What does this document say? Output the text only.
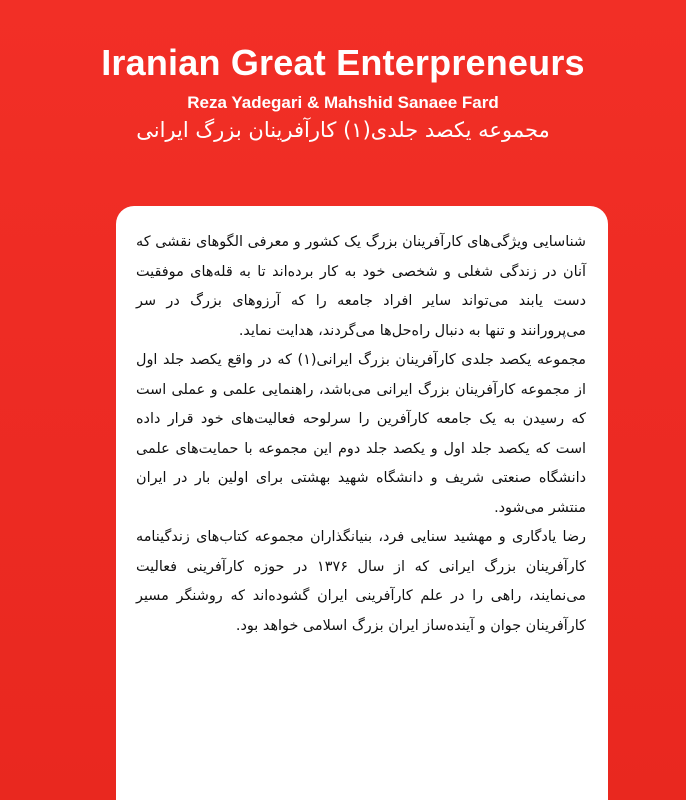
Iranian Great Enterpreneurs
Reza Yadegari & Mahshid Sanaee Fard
مجموعه یکصد جلدی(۱) کارآفرینان بزرگ ایرانی

شناسایی ویژگی‌های کارآفرینان بزرگ یک کشور و معرفی الگوهای نقشی که آنان در زندگی شغلی و شخصی خود به کار برده‌اند تا به قله‌های موفقیت دست یابند می‌تواند سایر افراد جامعه را که آرزوهای بزرگ در سر می‌پرورانند و تنها به دنبال راه‌حل‌ها می‌گردند، هدایت نماید.

مجموعه یکصد جلدی کارآفرینان بزرگ ایرانی(۱) که در واقع یکصد جلد اول از مجموعه کارآفرینان بزرگ ایرانی می‌باشد، راهنمایی علمی و عملی است که رسیدن به یک جامعه کارآفرین را سرلوحه فعالیت‌های خود قرار داده است که یکصد جلد اول و یکصد جلد دوم این مجموعه با حمایت‌های علمی دانشگاه صنعتی شریف و دانشگاه شهید بهشتی برای اولین بار در ایران منتشر می‌شود.

رضا یادگاری و مهشید سنایی فرد، بنیانگذاران مجموعه کتاب‌های زندگینامه کارآفرینان بزرگ ایرانی که از سال ۱۳۷۶ در حوزه کارآفرینی فعالیت می‌نمایند، راهی را در علم کارآفرینی ایران گشوده‌اند که روشنگر مسیر کارآفرینان جوان و آینده‌ساز ایران بزرگ اسلامی خواهد بود.
